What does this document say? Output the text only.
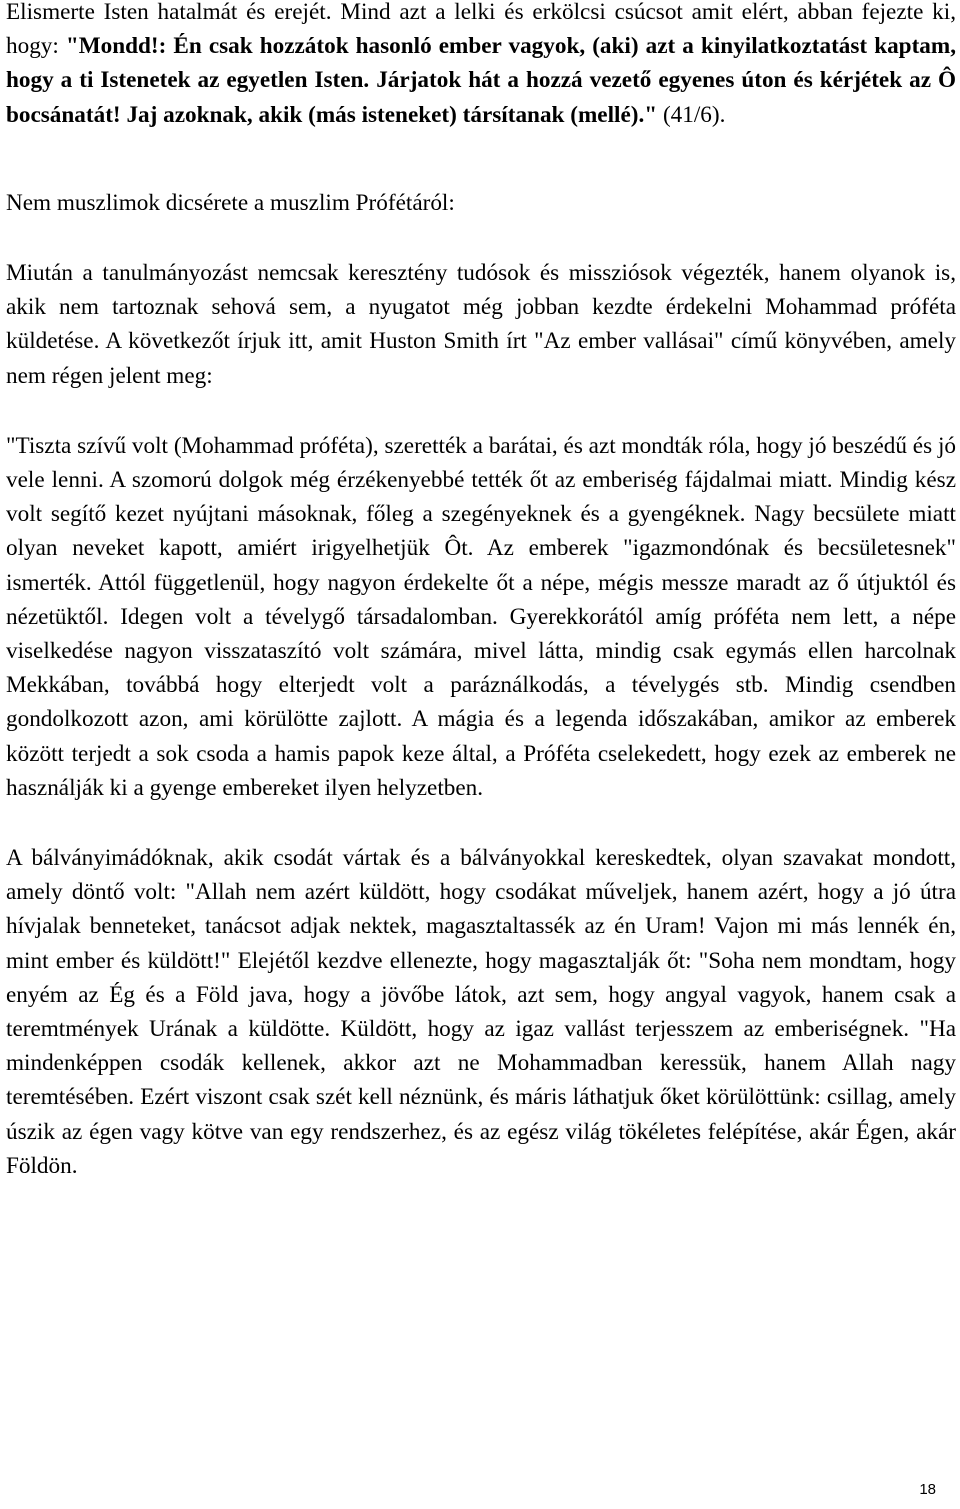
Elismerte Isten hatalmát és erejét. Mind azt a lelki és erkölcsi csúcsot amit elért, abban fejezte ki, hogy: "Mondd!: Én csak hozzátok hasonló ember vagyok, (aki) azt a kinyilatkoztatást kaptam, hogy a ti Istenetek az egyetlen Isten. Járjatok hát a hozzá vezető egyenes úton és kérjétek az Ô bocsánatát! Jaj azoknak, akik (más isteneket) társítanak (mellé)." (41/6).

Nem muszlimok dicsérete a muszlim Prófétáról:

Miután a tanulmányozást nemcsak keresztény tudósok és missziósok végezték, hanem olyanok is, akik nem tartoznak sehová sem, a nyugatot még jobban kezdte érdekelni Mohammad próféta küldetése. A következőt írjuk itt, amit Huston Smith írt "Az ember vallásai" című könyvében, amely nem régen jelent meg:

"Tiszta szívű volt (Mohammad próféta), szerették a barátai, és azt mondták róla, hogy jó beszédű és jó vele lenni. A szomorú dolgok még érzékenyebbé tették őt az emberiség fájdalmai miatt. Mindig kész volt segítő kezet nyújtani másoknak, főleg a szegényeknek és a gyengéknek. Nagy becsülete miatt olyan neveket kapott, amiért irigyelhetjük Ôt. Az emberek "igazmondónak és becsületesnek" ismerték. Attól függetlenül, hogy nagyon érdekelte őt a népe, mégis messze maradt az ő útjuktól és nézetüktől. Idegen volt a tévelygő társadalomban. Gyerekkorától amíg próféta nem lett, a népe viselkedése nagyon visszataszító volt számára, mivel látta, mindig csak egymás ellen harcolnak Mekkában, továbbá hogy elterjedt volt a paráználkodás, a tévelygés stb. Mindig csendben gondolkozott azon, ami körülötte zajlott. A mágia és a legenda időszakában, amikor az emberek között terjedt a sok csoda a hamis papok keze által, a Próféta cselekedett, hogy ezek az emberek ne használják ki a gyenge embereket ilyen helyzetben.

A bálványimádóknak, akik csodát vártak és a bálványokkal kereskedtek, olyan szavakat mondott, amely döntő volt: "Allah nem azért küldött, hogy csodákat műveljek, hanem azért, hogy a jó útra hívjalak benneteket, tanácsot adjak nektek, magasztaltassék az én Uram! Vajon mi más lennék én, mint ember és küldött!" Elejétől kezdve ellenezte, hogy magasztalják őt: "Soha nem mondtam, hogy enyém az Ég és a Föld java, hogy a jövőbe látok, azt sem, hogy angyal vagyok, hanem csak a teremtmények Urának a küldötte. Küldött, hogy az igaz vallást terjesszem az emberiségnek. "Ha mindenképpen csodák kellenek, akkor azt ne Mohammadban keressük, hanem Allah nagy teremtésében. Ezért viszont csak szét kell néznünk, és máris láthatjuk őket körülöttünk: csillag, amely úszik az égen vagy kötve van egy rendszerhez, és az egész világ tökéletes felépítése, akár Égen, akár Földön.

18
